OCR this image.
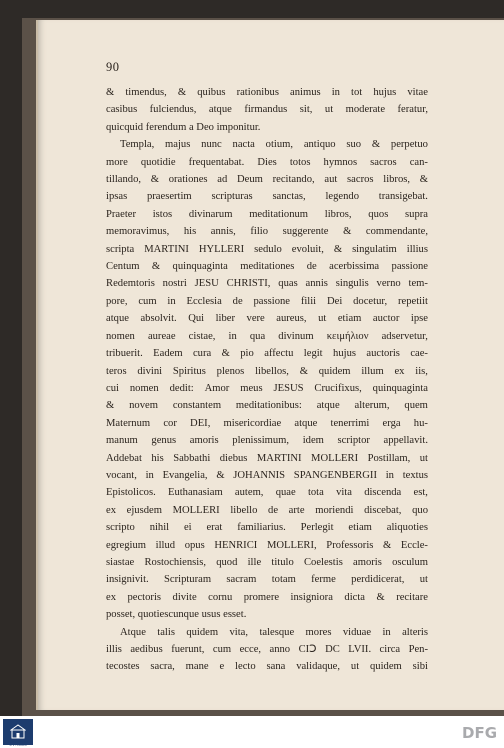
90
& timendus, & quibus rationibus animus in tot hujus vitae
casibus fulciendus, atque firmandus sit, ut moderate feratur,
quicquid ferendum a Deo imponitur.
Templa, majus nunc nacta otium, antiquo suo & perpetuo
more quotidie frequentabat. Dies totos hymnos sacros can-
tillando, & orationes ad Deum recitando, aut sacros libros, &
ipsas praesertim scripturas sanctas, legendo transigebat.
Praeter istos divinarum meditationum libros, quos supra
memoravimus, his annis, filio suggerente & commendante,
scripta MARTINI HYLLERI sedulo evoluit, & singulatim illius
Centum & quinquaginta meditationes de acerbissima passione
Redemtoris nostri JESU CHRISTI, quas annis singulis verno tem-
pore, cum in Ecclesia de passione filii Dei docetur, repetiit
atque absolvit. Qui liber vere aureus, ut etiam auctor ipse
nomen aureae cistae, in qua divinum κειμήλιον adservetur,
tribuerit. Eadem cura & pio affectu legit hujus auctoris cae-
teros divini Spiritus plenos libellos, & quidem illum ex iis,
cui nomen dedit: Amor meus JESUS Crucifixus, quinquaginta
& novem constantem meditationibus: atque alterum, quem
Maternum cor DEI, misericordiae atque tenerrimi erga hu-
manum genus amoris plenissimum, idem scriptor appellavit.
Addebat his Sabbathi diebus MARTINI MOLLERI Postillam, ut
vocant, in Evangelia, & JOHANNIS SPANGENBERGII in textus
Epistolicos. Euthanasiam autem, quae tota vita discenda est,
ex ejusdem MOLLERI libello de arte moriendi discebat, quo
scripto nihil ei erat familiarius. Perlegit etiam aliquoties
egregium illud opus HENRICI MOLLERI, Professoris & Eccle-
siastae Rostochiensis, quod ille titulo Coelestis amoris osculum
insignivit. Scripturam sacram totam ferme perdidicerat, ut
ex pectoris divite cornu promere insigniora dicta & recitare
posset, quotiescunque usus esset.
Atque talis quidem vita, talesque mores viduae in alteris
illis aedibus fuerunt, cum ecce, anno CIↃ DC LVII. circa Pen-
tecostes sacra, mane e lecto sana validaque, ut quidem sibi
FRANCKESCHE STIFTUNGEN
DFG
